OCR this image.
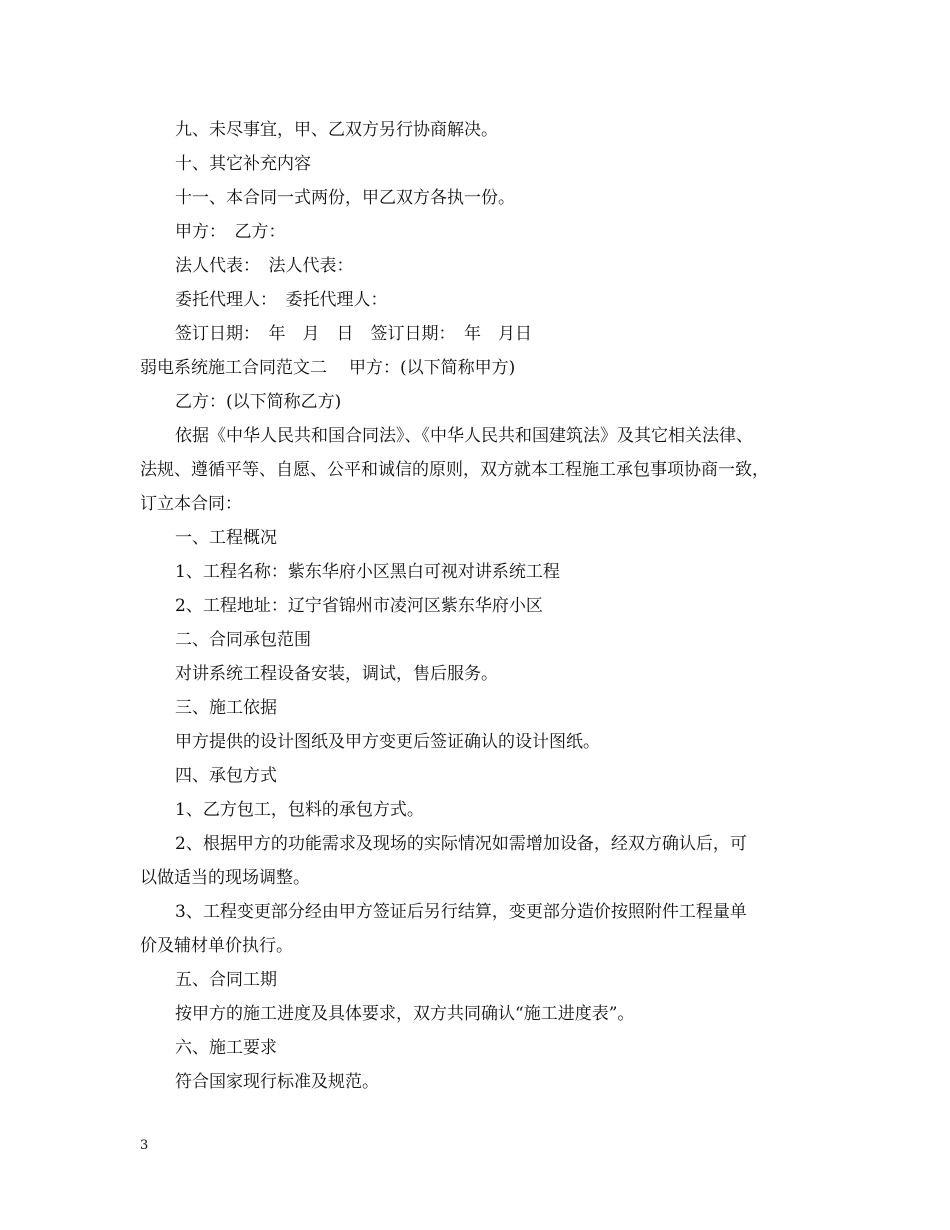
九、未尽事宜，甲、乙双方另行协商解决。
十、其它补充内容
十一、本合同一式两份，甲乙双方各执一份。
甲方：　乙方：
法人代表：　法人代表：
委托代理人：　委托代理人：
签订日期：　年　月　日　签订日期：　年　月日
弱电系统施工合同范文二 甲方：(以下简称甲方)
乙方：(以下简称乙方)
依据《中华人民共和国合同法》、《中华人民共和国建筑法》及其它相关法律、
法规、遵循平等、自愿、公平和诚信的原则，双方就本工程施工承包事项协商一致，
订立本合同：
一、工程概况
1、工程名称：紫东华府小区黑白可视对讲系统工程
2、工程地址：辽宁省锦州市凌河区紫东华府小区
二、合同承包范围
对讲系统工程设备安装，调试，售后服务。
三、施工依据
甲方提供的设计图纸及甲方变更后签证确认的设计图纸。
四、承包方式
1、乙方包工，包料的承包方式。
2、根据甲方的功能需求及现场的实际情况如需增加设备，经双方确认后，可
以做适当的现场调整。
3、工程变更部分经由甲方签证后另行结算，变更部分造价按照附件工程量单
价及辅材单价执行。
五、合同工期
按甲方的施工进度及具体要求，双方共同确认“施工进度表”。
六、施工要求
符合国家现行标准及规范。
3
